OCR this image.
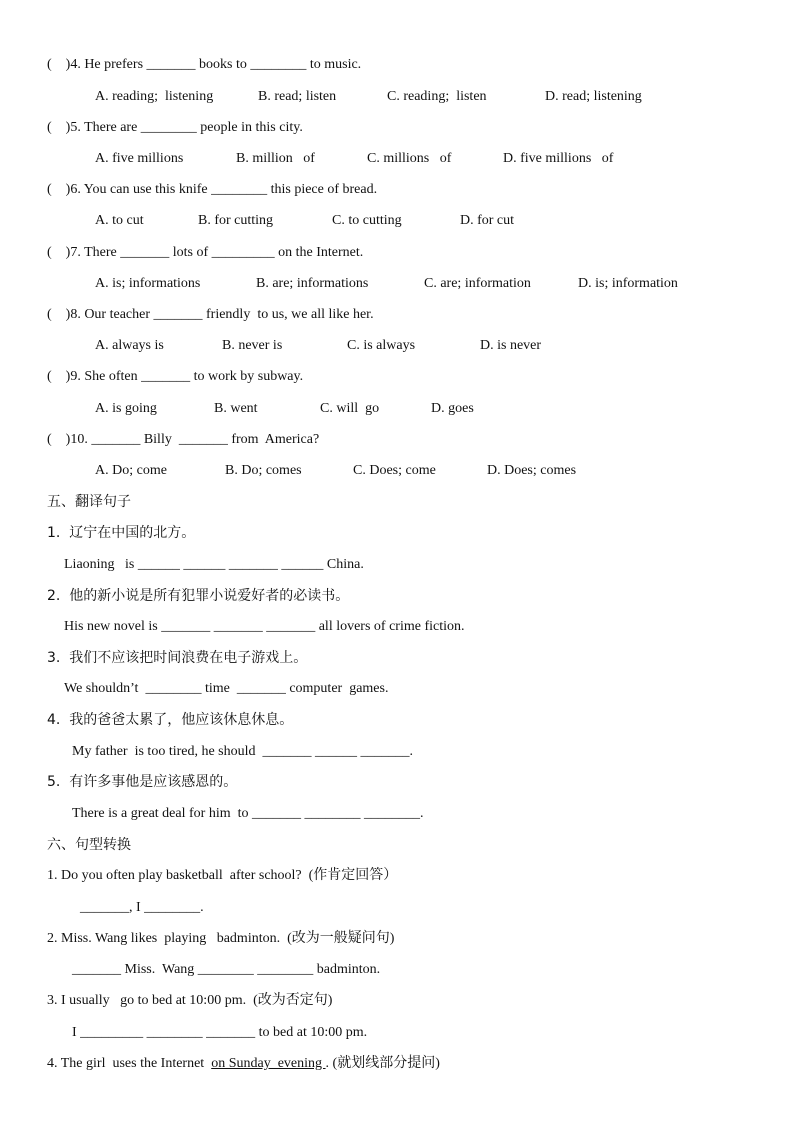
(    )4. He prefers _______ books to ________ to music.
A. reading;  listening	B. read; listen	C. reading;  listen	D. read; listening
(    )5. There are ________ people in this city.
A. five millions	B. million   of	C. millions   of	D. five millions   of
(    )6. You can use this knife ________ this piece of bread.
A. to cut	B. for cutting	C. to cutting	D. for cut
(    )7. There _______ lots of _________ on the Internet.
A. is; informations	B. are; informations	C. are; information	D. is; information
(    )8. Our teacher _______ friendly  to us, we all like her.
A. always is	B. never is	C. is always	D. is never
(    )9. She often _______ to work by subway.
A. is going	B. went	C. will  go	D. goes
(    )10. _______ Billy  _______ from  America?
A. Do; come	B. Do; comes	C. Does; come	D. Does; comes
五、翻译句子
1.  辽宁在中国的北方。
Liaoning   is ______ ______ _______ ______ China.
2.  他的新小说是所有犯罪小说爱好者的必读书。
His new novel is _______ _______ _______ all lovers of crime fiction.
3.  我们不应该把时间浪费在电子游戏上。
We shouldn’t  ________ time  _______ computer  games.
4.  我的爸爸太累了，他应该休息休息。
My father  is too tired, he should  _______ ______ _______.
5.  有许多事他是应该感恩的。
There is a great deal for him  to _______ ________ ________.
六、句型转换
1. Do you often play basketball  after school?  (作肯定回答）
_______, I ________.
2. Miss. Wang likes  playing   badminton.  (改为一般疑问句)
_______ Miss.  Wang ________ ________ badminton.
3. I usually   go to bed at 10:00 pm.  (改为否定句)
I _________ ________ _______ to bed at 10:00 pm.
4. The girl  uses the Internet  on Sunday  evening . (就划线部分提问)
